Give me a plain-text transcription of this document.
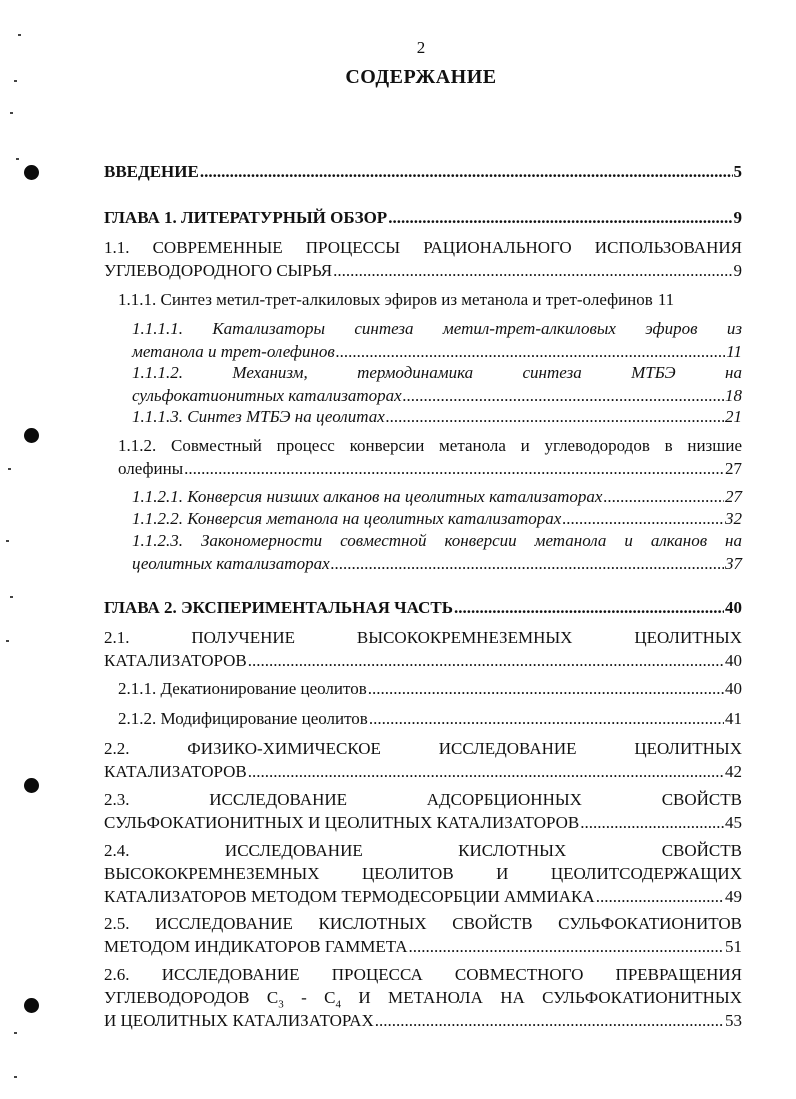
2
СОДЕРЖАНИЕ
ВВЕДЕНИЕ .....	5
ГЛАВА 1. ЛИТЕРАТУРНЫЙ ОБЗОР .....	9
1.1. СОВРЕМЕННЫЕ ПРОЦЕССЫ РАЦИОНАЛЬНОГО ИСПОЛЬЗОВАНИЯ
УГЛЕВОДОРОДНОГО СЫРЬЯ .....	9
1.1.1. Синтез метил-трет-алкиловых эфиров из метанола и трет-олефинов 11
1.1.1.1. Катализаторы синтеза метил-трет-алкиловых эфиров из
метанола и трет-олефинов .....	11
1.1.1.2. Механизм, термодинамика синтеза МТБЭ на
сульфокатионитных катализаторах .....	18
1.1.1.3. Синтез МТБЭ на цеолитах .....	21
1.1.2. Совместный процесс конверсии метанола и углеводородов в низшие
олефины .....	27
1.1.2.1. Конверсия низших алканов на цеолитных катализаторах .....	27
1.1.2.2. Конверсия метанола на цеолитных катализаторах .....	32
1.1.2.3. Закономерности совместной конверсии метанола и алканов на
цеолитных катализаторах .....	37
ГЛАВА 2. ЭКСПЕРИМЕНТАЛЬНАЯ ЧАСТЬ .....	40
2.1. ПОЛУЧЕНИЕ ВЫСОКОКРЕМНЕЗЕМНЫХ ЦЕОЛИТНЫХ
КАТАЛИЗАТОРОВ .....	40
2.1.1. Декатионирование цеолитов .....	40
2.1.2. Модифицирование цеолитов .....	41
2.2. ФИЗИКО-ХИМИЧЕСКОЕ ИССЛЕДОВАНИЕ ЦЕОЛИТНЫХ
КАТАЛИЗАТОРОВ .....	42
2.3. ИССЛЕДОВАНИЕ АДСОРБЦИОННЫХ СВОЙСТВ
СУЛЬФОКАТИОНИТНЫХ И ЦЕОЛИТНЫХ КАТАЛИЗАТОРОВ .....	45
2.4. ИССЛЕДОВАНИЕ КИСЛОТНЫХ СВОЙСТВ
ВЫСОКОКРЕМНЕЗЕМНЫХ ЦЕОЛИТОВ И ЦЕОЛИТСОДЕРЖАЩИХ
КАТАЛИЗАТОРОВ МЕТОДОМ ТЕРМОДЕСОРБЦИИ АММИАКА .....	49
2.5. ИССЛЕДОВАНИЕ КИСЛОТНЫХ СВОЙСТВ СУЛЬФОКАТИОНИТОВ
МЕТОДОМ ИНДИКАТОРОВ ГАММЕТА .....	51
2.6. ИССЛЕДОВАНИЕ ПРОЦЕССА СОВМЕСТНОГО ПРЕВРАЩЕНИЯ
УГЛЕВОДОРОДОВ $C_3 - C_4$ И МЕТАНОЛА НА СУЛЬФОКАТИОНИТНЫХ
И ЦЕОЛИТНЫХ КАТАЛИЗАТОРАХ .....	53
